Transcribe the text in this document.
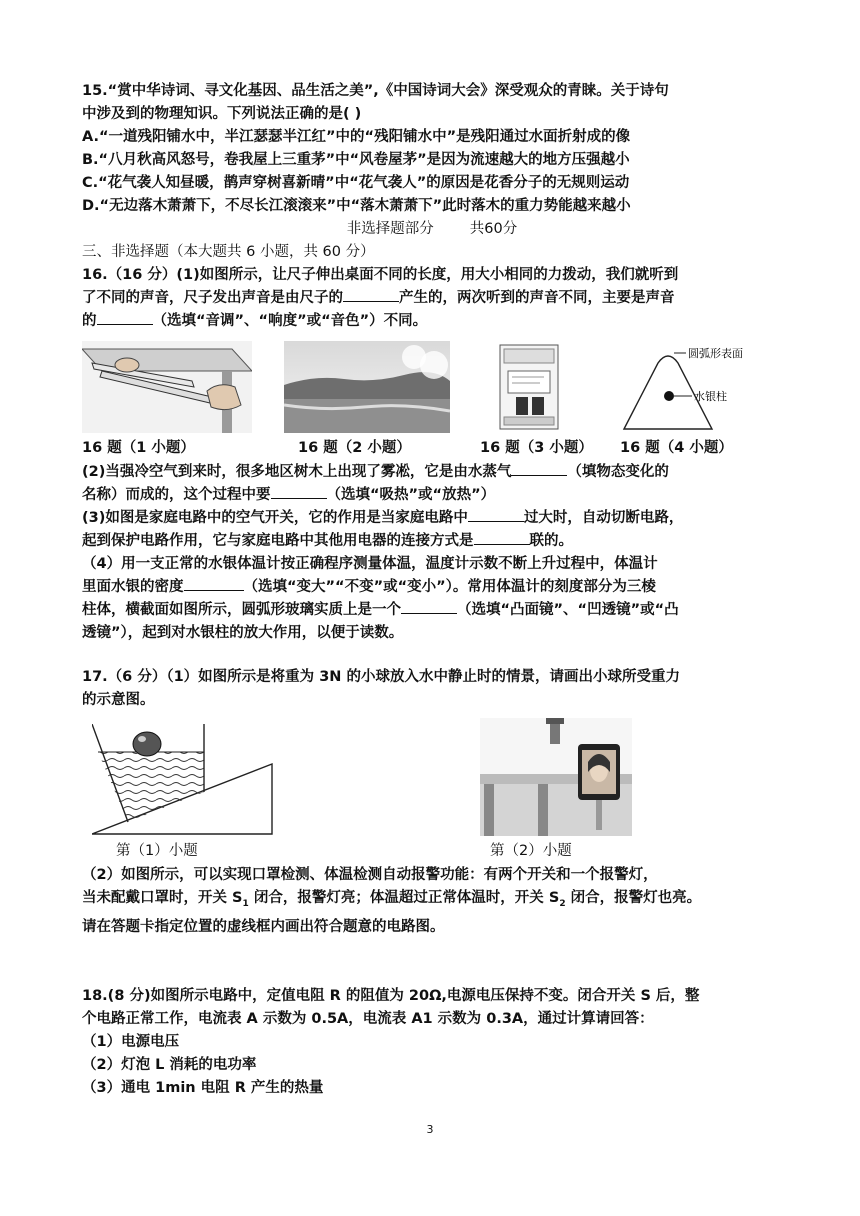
15.“赏中华诗词、寻文化基因、品生活之美”,《中国诗词大会》深受观众的青睐。关于诗句

中涉及到的物理知识。下列说法正确的是( )

A.“一道残阳铺水中，半江瑟瑟半江红”中的“残阳铺水中”是残阳通过水面折射成的像

B.“八月秋高风怒号，卷我屋上三重茅”中“风卷屋茅”是因为流速越大的地方压强越小

C.“花气袭人知昼暖，鹊声穿树喜新晴”中“花气袭人”的原因是花香分子的无规则运动

D.“无边落木萧萧下，不尽长江滚滚来”中“落木萧萧下”此时落木的重力势能越来越小

非选择题部分 共60分

三、非选择题（本大题共 6 小题，共 60 分）

16.（16 分）(1)如图所示，让尺子伸出桌面不同的长度，用大小相同的力拨动，我们就听到

了不同的声音，尺子发出声音是由尺子的	产生的，两次听到的声音不同，主要是声音

的	（选填“音调”、“响度”或“音色”）不同。

圆弧形表面
水银柱
16 题（1 小题）	16 题（2 小题）	16 题（3 小题） 16 题（4 小题）

(2)当强冷空气到来时，很多地区树木上出现了雾凇，它是由水蒸气	（填物态变化的

名称）而成的，这个过程中要	（选填“吸热”或“放热”）

(3)如图是家庭电路中的空气开关，它的作用是当家庭电路中	过大时，自动切断电路，

起到保护电路作用，它与家庭电路中其他用电器的连接方式是	联的。

（4）用一支正常的水银体温计按正确程序测量体温，温度计示数不断上升过程中，体温计

里面水银的密度	（选填“变大”“不变”或“变小”）。常用体温计的刻度部分为三棱

柱体，横截面如图所示，圆弧形玻璃实质上是一个	（选填“凸面镜”、“凹透镜”或“凸

透镜”），起到对水银柱的放大作用，以便于读数。

17.（6 分）（1）如图所示是将重为 3N 的小球放入水中静止时的情景，请画出小球所受重力

的示意图。

第（1）小题	第（2）小题

（2）如图所示，可以实现口罩检测、体温检测自动报警功能：有两个开关和一个报警灯，

当未配戴口罩时，开关 $S_1$ 闭合，报警灯亮；体温超过正常体温时，开关 $S_2$ 闭合，报警灯也亮。

请在答题卡指定位置的虚线框内画出符合题意的电路图。

18.(8 分)如图所示电路中，定值电阻 R 的阻值为 20Ω,电源电压保持不变。闭合开关 S 后，整

个电路正常工作，电流表 A 示数为 0.5A，电流表 A1 示数为 0.3A，通过计算请回答：

（1）电源电压

（2）灯泡 L 消耗的电功率

（3）通电 1min 电阻 R 产生的热量

3
